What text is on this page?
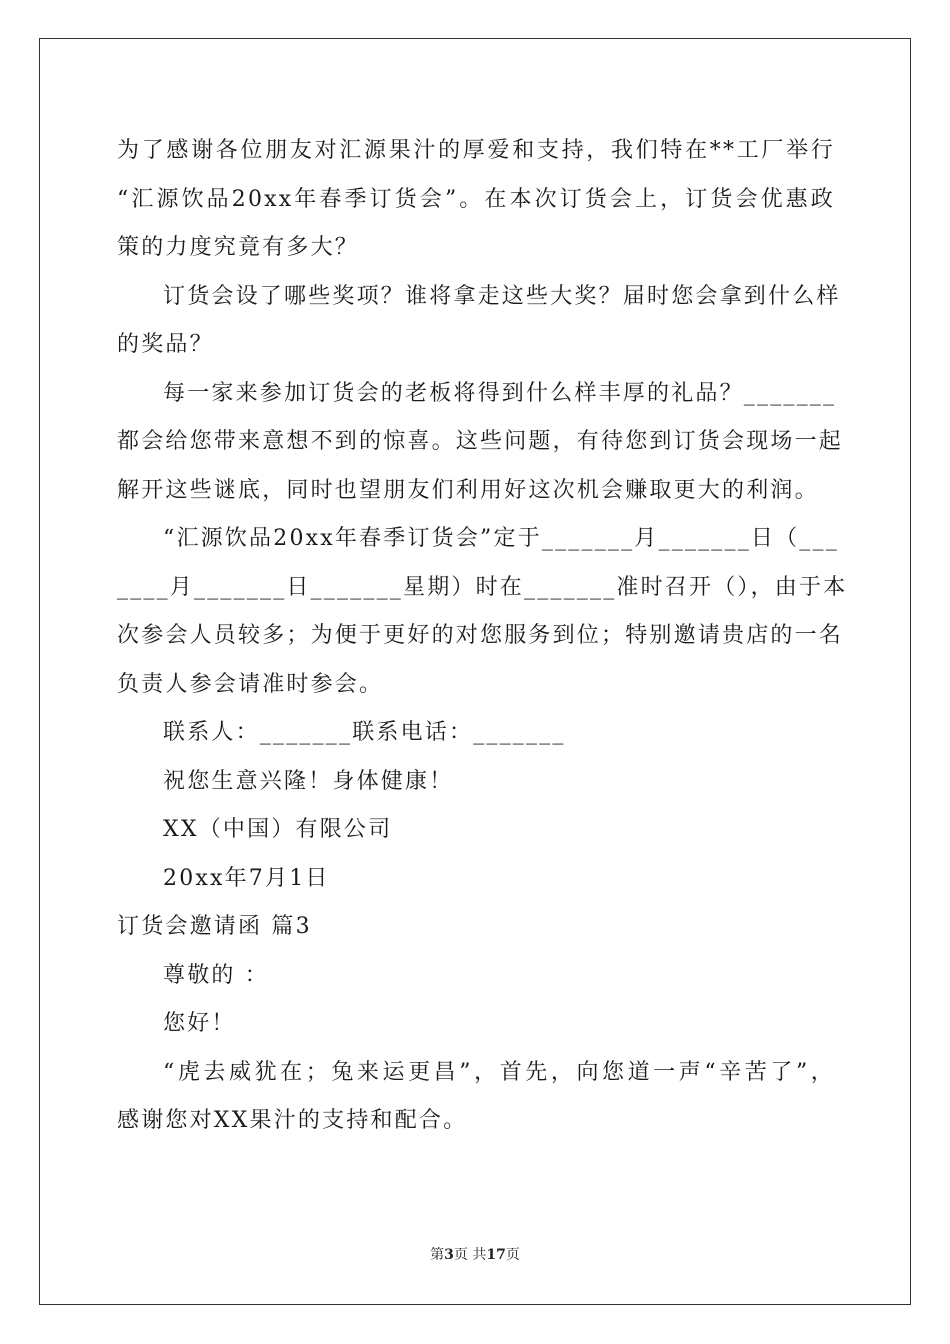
为了感谢各位朋友对汇源果汁的厚爱和支持，我们特在**工厂举行
“汇源饮品20xx年春季订货会”。在本次订货会上，订货会优惠政
策的力度究竟有多大？
订货会设了哪些奖项？谁将拿走这些大奖？届时您会拿到什么样
的奖品？
每一家来参加订货会的老板将得到什么样丰厚的礼品？_______
都会给您带来意想不到的惊喜。这些问题，有待您到订货会现场一起
解开这些谜底，同时也望朋友们利用好这次机会赚取更大的利润。
“汇源饮品20xx年春季订货会”定于_______月_______日（___
____月_______日_______星期）时在_______准时召开（），由于本
次参会人员较多；为便于更好的对您服务到位；特别邀请贵店的一名
负责人参会请准时参会。
联系人：_______联系电话：_______
祝您生意兴隆！身体健康！
XX（中国）有限公司
20xx年7月1日
订货会邀请函 篇3
尊敬的 ：
您好！
“虎去威犹在；兔来运更昌”，首先，向您道一声“辛苦了”，
感谢您对XX果汁的支持和配合。
第3页 共17页
